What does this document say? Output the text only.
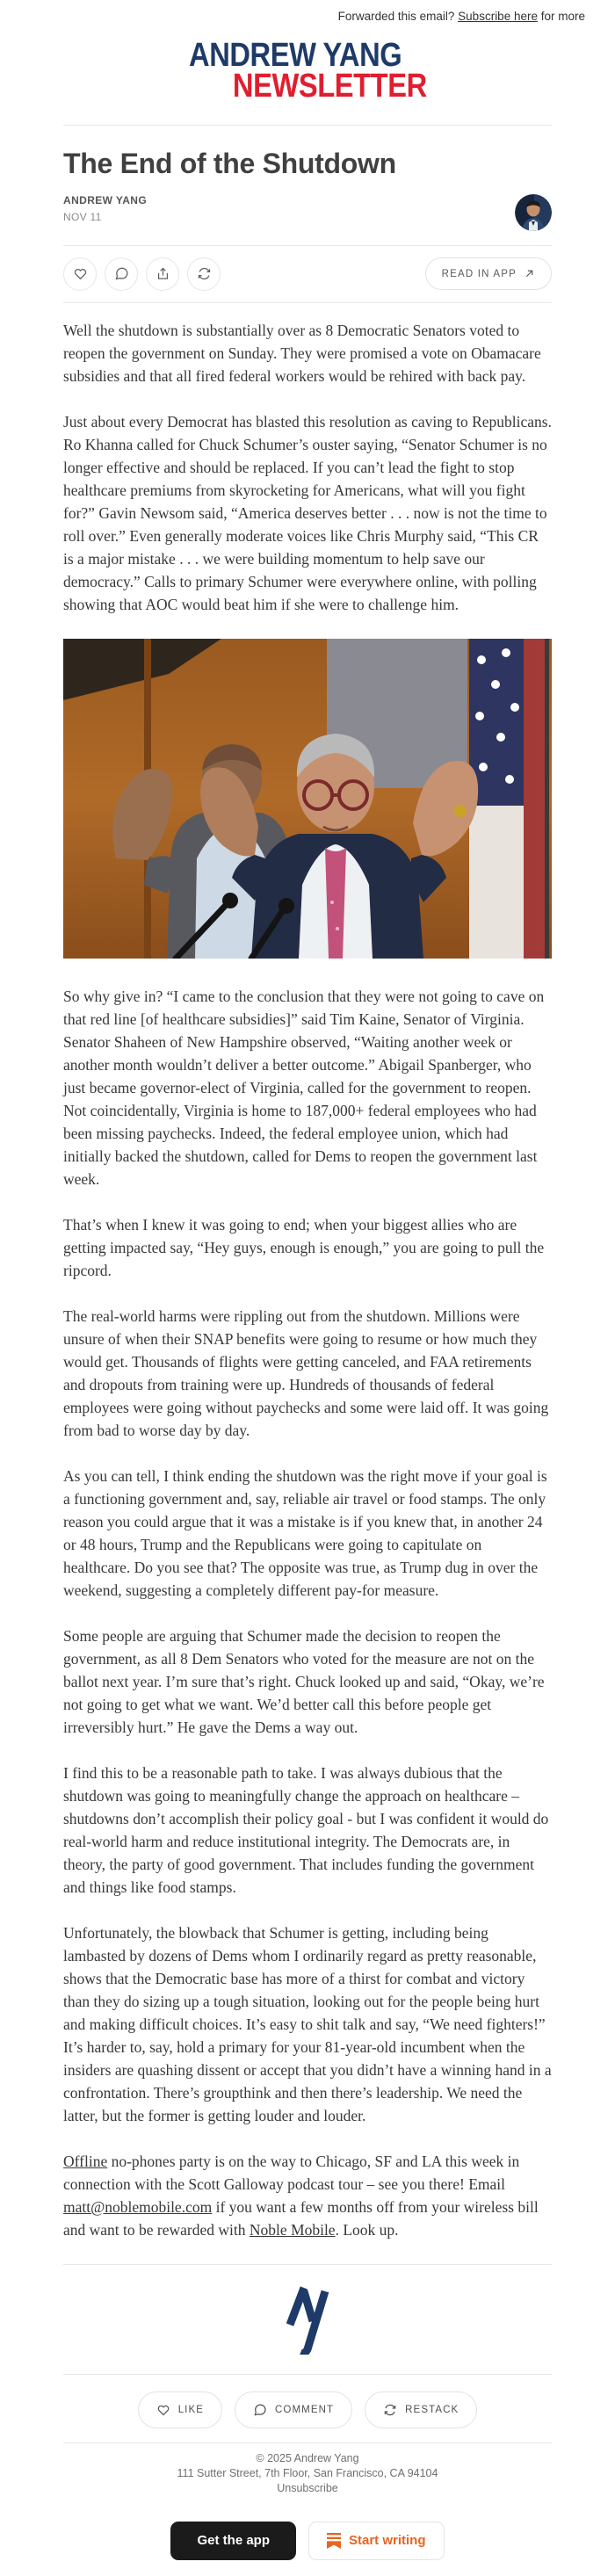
Forwarded this email? Subscribe here for more
ANDREW YANG
NEWSLETTER
The End of the Shutdown
ANDREW YANG
NOV 11
READ IN APP

Well the shutdown is substantially over as 8 Democratic Senators voted to reopen the government on Sunday. They were promised a vote on Obamacare subsidies and that all fired federal workers would be rehired with back pay.

Just about every Democrat has blasted this resolution as caving to Republicans. Ro Khanna called for Chuck Schumer’s ouster saying, “Senator Schumer is no longer effective and should be replaced. If you can’t lead the fight to stop healthcare premiums from skyrocketing for Americans, what will you fight for?” Gavin Newsom said, “America deserves better . . . now is not the time to roll over.” Even generally moderate voices like Chris Murphy said, “This CR is a major mistake . . . we were building momentum to help save our democracy.” Calls to primary Schumer were everywhere online, with polling showing that AOC would beat him if she were to challenge him.

So why give in? “I came to the conclusion that they were not going to cave on that red line [of healthcare subsidies]” said Tim Kaine, Senator of Virginia. Senator Shaheen of New Hampshire observed, “Waiting another week or another month wouldn’t deliver a better outcome.” Abigail Spanberger, who just became governor-elect of Virginia, called for the government to reopen. Not coincidentally, Virginia is home to 187,000+ federal employees who had been missing paychecks. Indeed, the federal employee union, which had initially backed the shutdown, called for Dems to reopen the government last week.

That’s when I knew it was going to end; when your biggest allies who are getting impacted say, “Hey guys, enough is enough,” you are going to pull the ripcord.

The real-world harms were rippling out from the shutdown. Millions were unsure of when their SNAP benefits were going to resume or how much they would get. Thousands of flights were getting canceled, and FAA retirements and dropouts from training were up. Hundreds of thousands of federal employees were going without paychecks and some were laid off. It was going from bad to worse day by day.

As you can tell, I think ending the shutdown was the right move if your goal is a functioning government and, say, reliable air travel or food stamps. The only reason you could argue that it was a mistake is if you knew that, in another 24 or 48 hours, Trump and the Republicans were going to capitulate on healthcare. Do you see that? The opposite was true, as Trump dug in over the weekend, suggesting a completely different pay-for measure.

Some people are arguing that Schumer made the decision to reopen the government, as all 8 Dem Senators who voted for the measure are not on the ballot next year. I’m sure that’s right. Chuck looked up and said, “Okay, we’re not going to get what we want. We’d better call this before people get irreversibly hurt.” He gave the Dems a way out.

I find this to be a reasonable path to take. I was always dubious that the shutdown was going to meaningfully change the approach on healthcare – shutdowns don’t accomplish their policy goal - but I was confident it would do real-world harm and reduce institutional integrity. The Democrats are, in theory, the party of good government. That includes funding the government and things like food stamps.

Unfortunately, the blowback that Schumer is getting, including being lambasted by dozens of Dems whom I ordinarily regard as pretty reasonable, shows that the Democratic base has more of a thirst for combat and victory than they do sizing up a tough situation, looking out for the people being hurt and making difficult choices. It’s easy to shit talk and say, “We need fighters!” It’s harder to, say, hold a primary for your 81-year-old incumbent when the insiders are quashing dissent or accept that you didn’t have a winning hand in a confrontation. There’s groupthink and then there’s leadership. We need the latter, but the former is getting louder and louder.

Offline no-phones party is on the way to Chicago, SF and LA this week in connection with the Scott Galloway podcast tour – see you there! Email matt@noblemobile.com if you want a few months off from your wireless bill and want to be rewarded with Noble Mobile. Look up.

LIKE	COMMENT	RESTACK
© 2025 Andrew Yang
111 Sutter Street, 7th Floor, San Francisco, CA 94104
Unsubscribe
Get the app	Start writing
